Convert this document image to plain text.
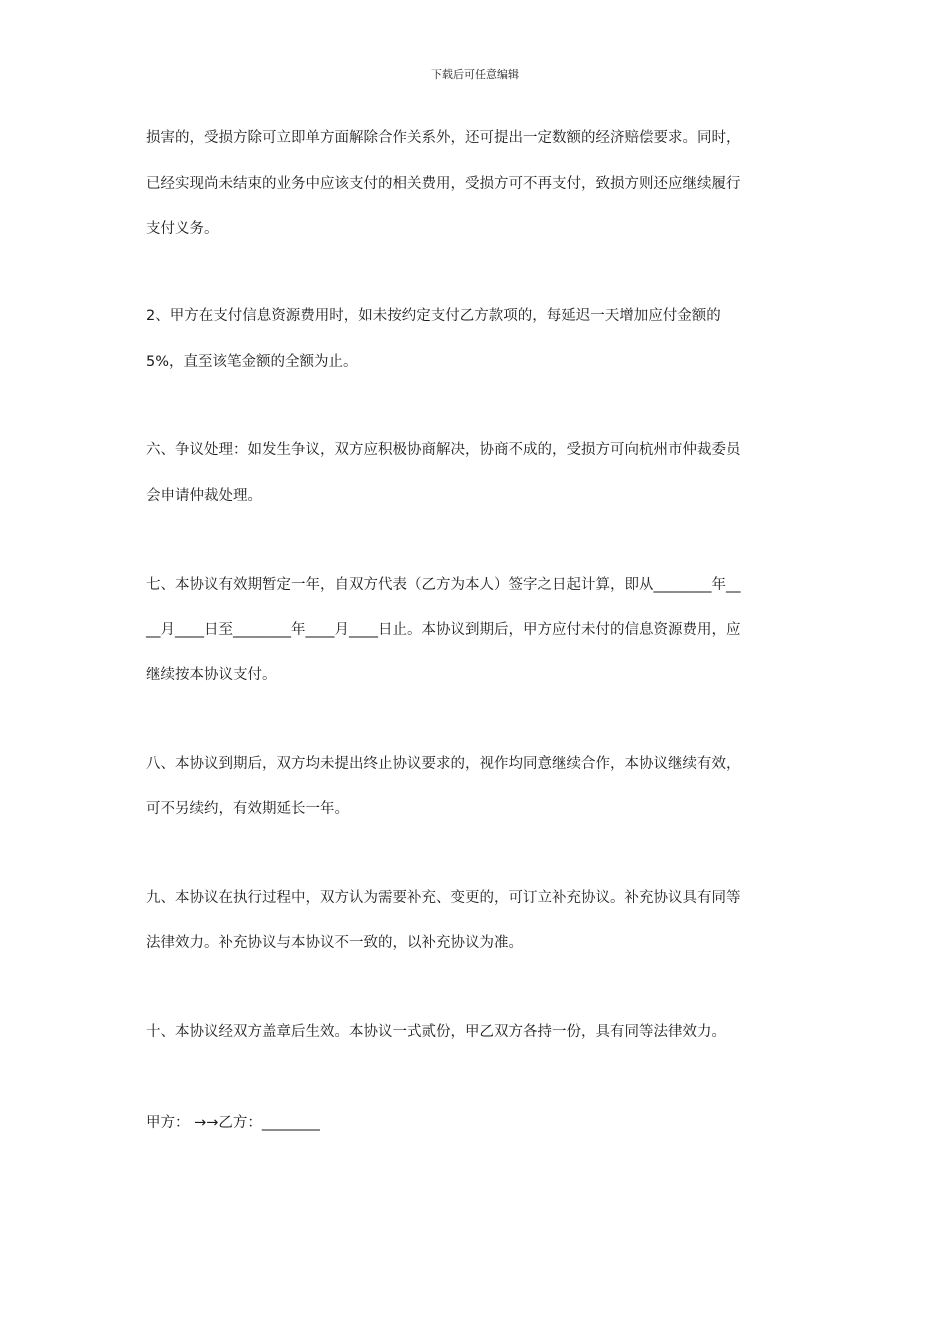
下载后可任意编辑
损害的，受损方除可立即单方面解除合作关系外，还可提出一定数额的经济赔偿要求。同时，
已经实现尚未结束的业务中应该支付的相关费用，受损方可不再支付，致损方则还应继续履行
支付义务。
2、甲方在支付信息资源费用时，如未按约定支付乙方款项的，每延迟一天增加应付金额的
5%，直至该笔金额的全额为止。
六、争议处理：如发生争议，双方应积极协商解决，协商不成的，受损方可向杭州市仲裁委员
会申请仲裁处理。
七、本协议有效期暂定一年，自双方代表（乙方为本人）签字之日起计算，即从________年__
__月____日至________年____月____日止。本协议到期后，甲方应付未付的信息资源费用，应
继续按本协议支付。
八、本协议到期后，双方均未提出终止协议要求的，视作均同意继续合作，本协议继续有效，
可不另续约，有效期延长一年。
九、本协议在执行过程中，双方认为需要补充、变更的，可订立补充协议。补充协议具有同等
法律效力。补充协议与本协议不一致的，以补充协议为准。
十、本协议经双方盖章后生效。本协议一式贰份，甲乙双方各持一份，具有同等法律效力。
甲方： →→乙方：________
